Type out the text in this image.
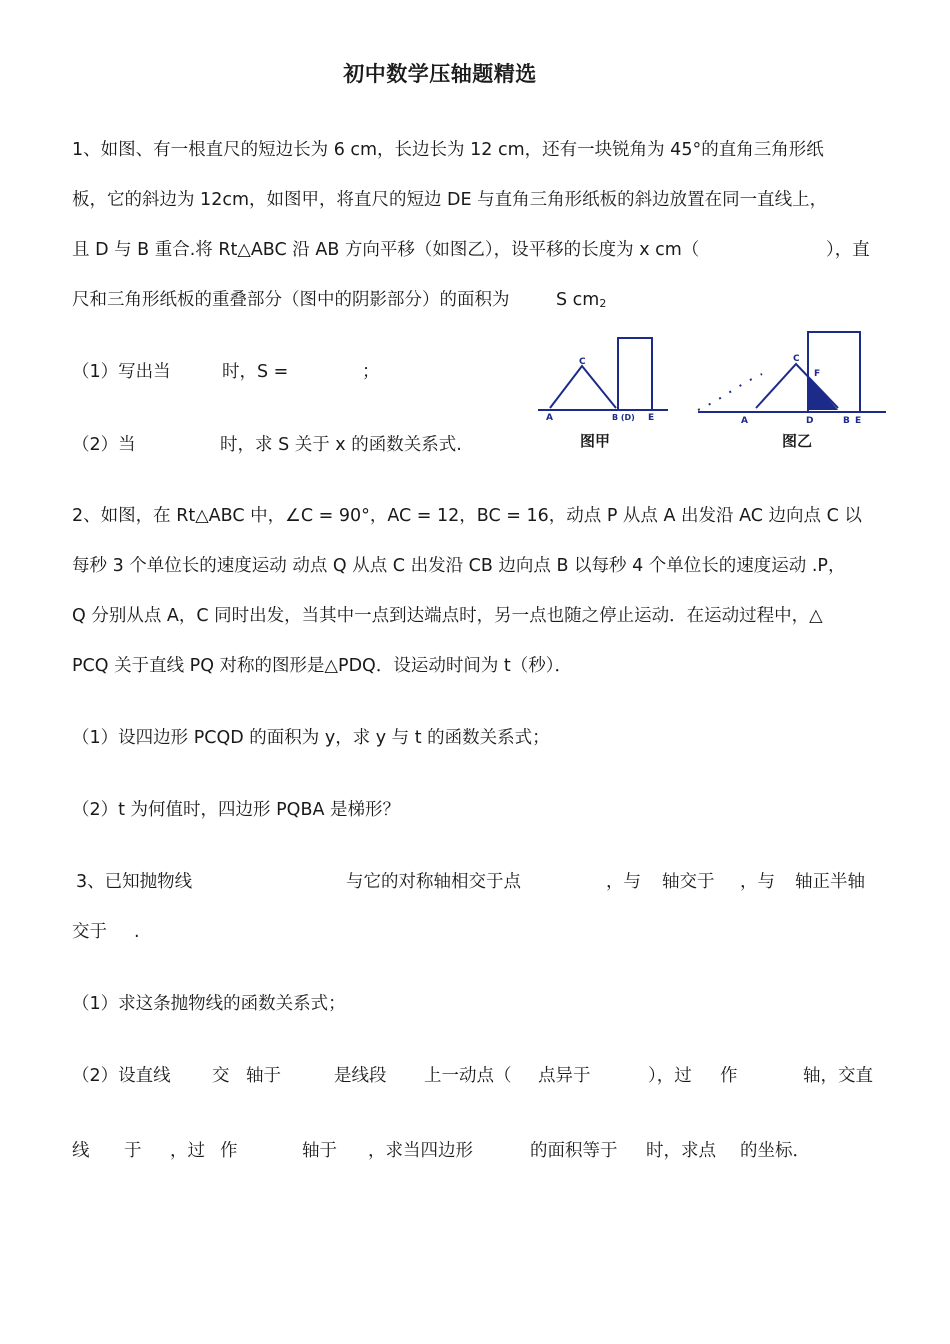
初中数学压轴题精选
1、如图、有一根直尺的短边长为 6 cm，长边长为 12 cm，还有一块锐角为 45°的直角三角形纸
板，它的斜边为 12cm，如图甲，将直尺的短边 DE 与直角三角形纸板的斜边放置在同一直线上，
且 D 与 B 重合.将 Rt△ABC 沿 AB 方向平移（如图乙），设平移的长度为 x cm（	），直
尺和三角形纸板的重叠部分（图中的阴影部分）的面积为	S $cm_2$
（1）写出当	时，S =	；
（2）当	时，求 S 关于 x 的函数关系式.
C
A	B (D) E
图甲
C
F
A	D	B E
图乙
2、如图，在 Rt△ABC 中，∠C = 90°，AC = 12，BC = 16，动点 P 从点 A 出发沿 AC 边向点 C 以
每秒 3 个单位长的速度运动 动点 Q 从点 C 出发沿 CB 边向点 B 以每秒 4 个单位长的速度运动 .P，
Q 分别从点 A，C 同时出发，当其中一点到达端点时，另一点也随之停止运动．在运动过程中，△
PCQ 关于直线 PQ 对称的图形是△PDQ．设运动时间为 t（秒）．
（1）设四边形 PCQD 的面积为 y，求 y 与 t 的函数关系式；
（2）t 为何值时，四边形 PQBA 是梯形？
3、已知抛物线	与它的对称轴相交于点	，与 轴交于 ，与 轴正半轴
交于 .
（1）求这条抛物线的函数关系式；
（2）设直线 交 轴于	是线段 上一动点（ 点异于	），过 作	轴，交直
线 于 ，过 作	轴于 ，求当四边形	的面积等于 时，求点 的坐标．
